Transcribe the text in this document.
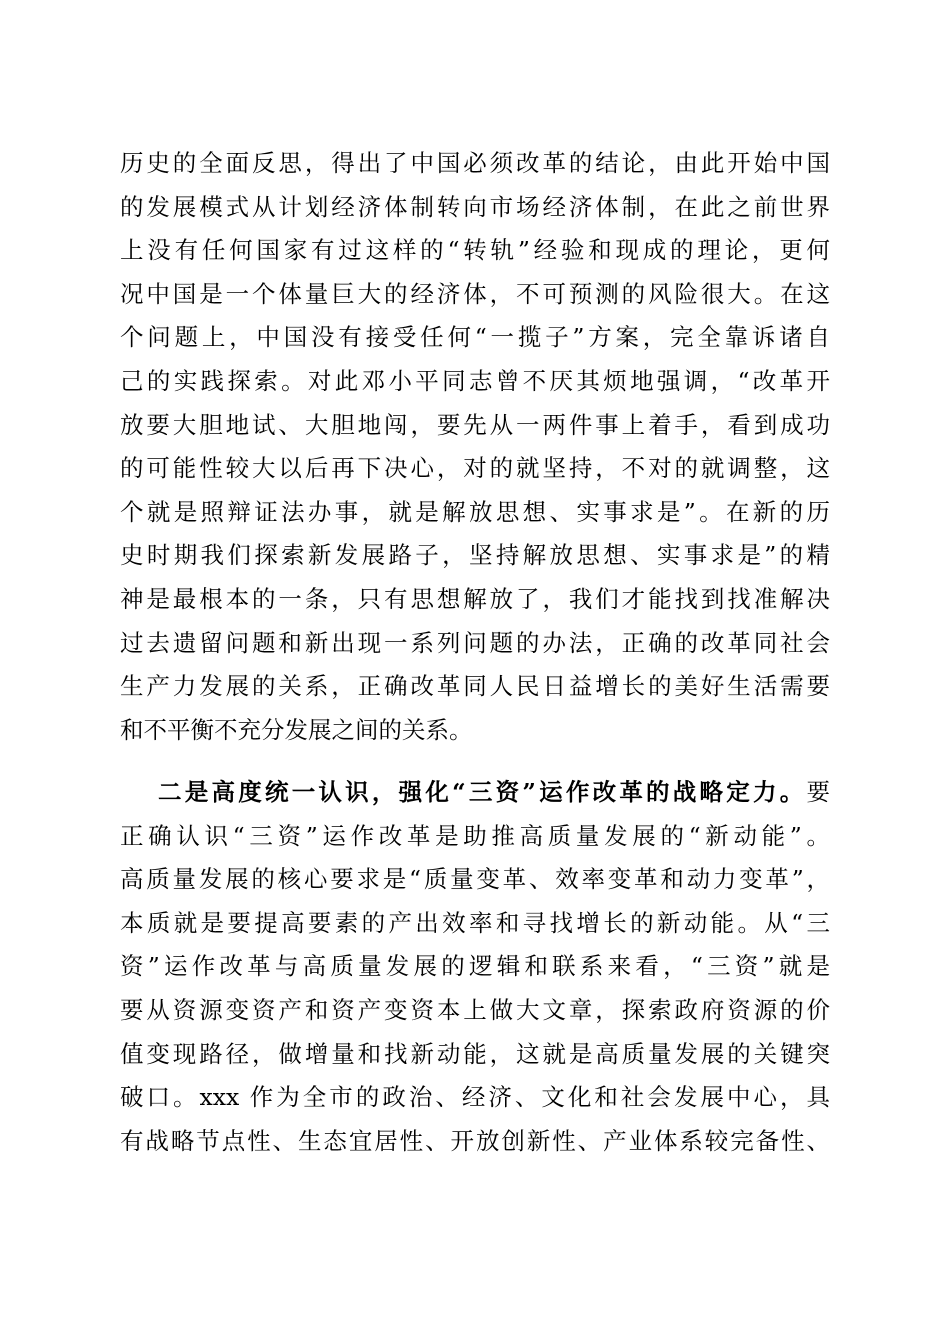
历史的全面反思，得出了中国必须改革的结论，由此开始中国
的发展模式从计划经济体制转向市场经济体制，在此之前世界
上没有任何国家有过这样的“转轨”经验和现成的理论，更何
况中国是一个体量巨大的经济体，不可预测的风险很大。在这
个问题上，中国没有接受任何“一揽子”方案，完全靠诉诸自
己的实践探索。对此邓小平同志曾不厌其烦地强调，“改革开
放要大胆地试、大胆地闯，要先从一两件事上着手，看到成功
的可能性较大以后再下决心，对的就坚持，不对的就调整，这
个就是照辩证法办事，就是解放思想、实事求是”。在新的历
史时期我们探索新发展路子，坚持解放思想、实事求是”的精
神是最根本的一条，只有思想解放了，我们才能找到找准解决
过去遗留问题和新出现一系列问题的办法，正确的改革同社会
生产力发展的关系，正确改革同人民日益增长的美好生活需要
和不平衡不充分发展之间的关系。
二是高度统一认识，强化“三资”运作改革的战略定力。要
正确认识“三资”运作改革是助推高质量发展的“新动能”。
高质量发展的核心要求是“质量变革、效率变革和动力变革”，
本质就是要提高要素的产出效率和寻找增长的新动能。从“三
资”运作改革与高质量发展的逻辑和联系来看，“三资”就是
要从资源变资产和资产变资本上做大文章，探索政府资源的价
值变现路径，做增量和找新动能，这就是高质量发展的关键突
破口。xxx 作为全市的政治、经济、文化和社会发展中心，具
有战略节点性、生态宜居性、开放创新性、产业体系较完备性、
